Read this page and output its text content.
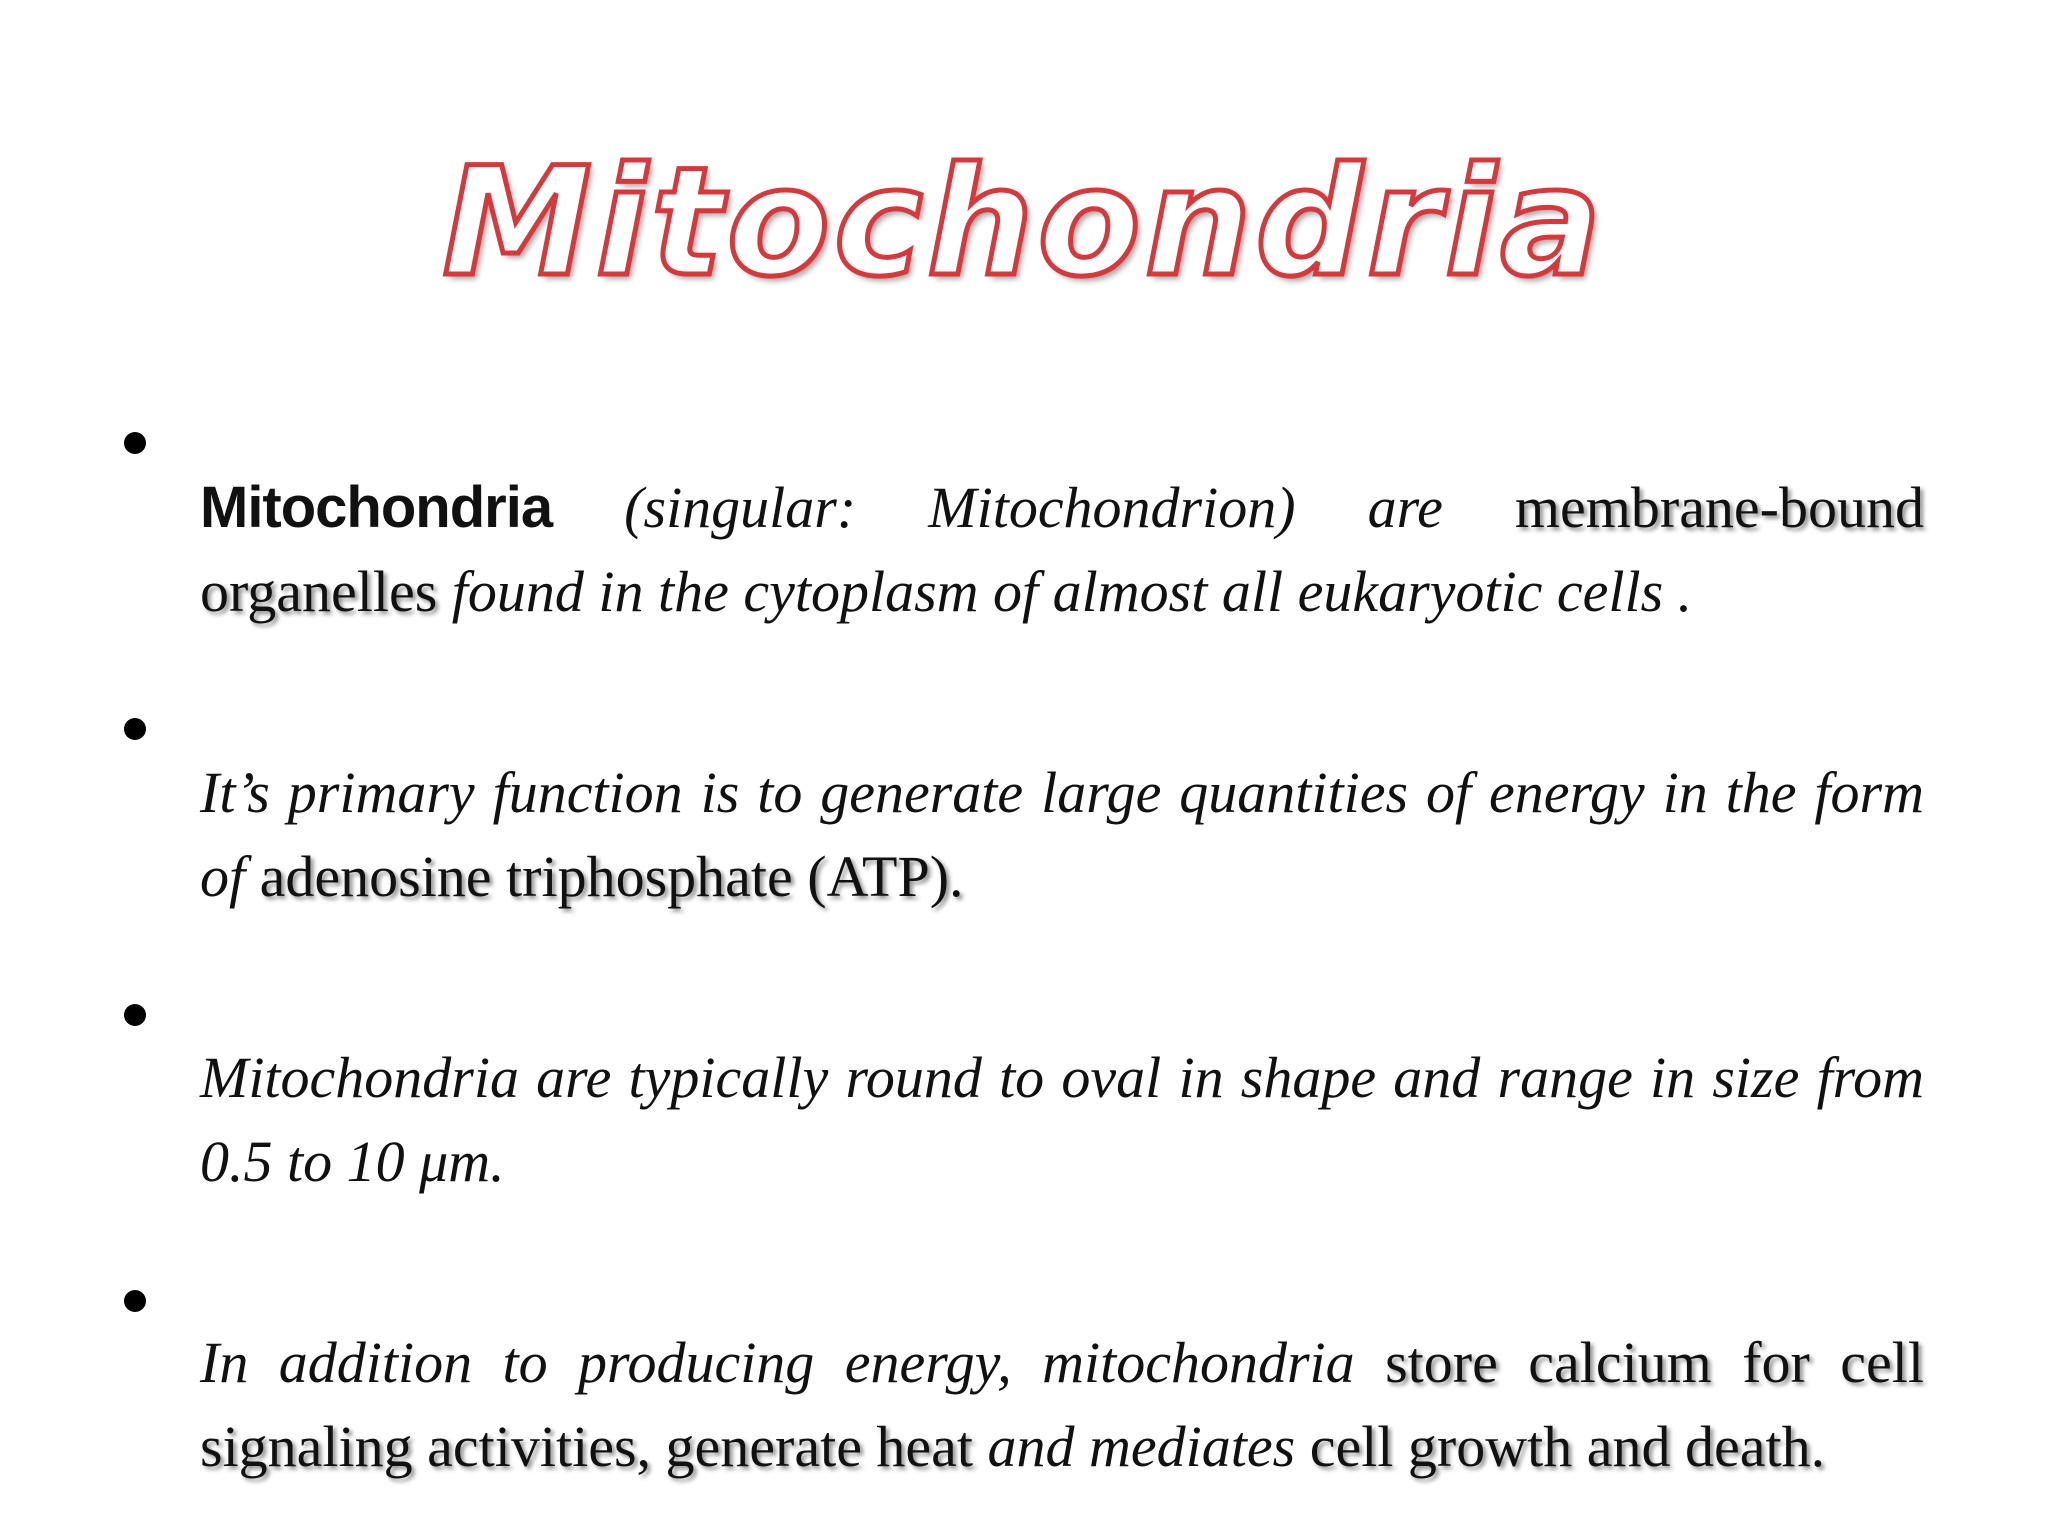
Mitochondria

Mitochondria (singular: Mitochondrion) are membrane-bound organelles found in the cytoplasm of almost all eukaryotic cells .

It’s primary function is to generate large quantities of energy in the form of adenosine triphosphate (ATP).

Mitochondria are typically round to oval in shape and range in size from 0.5 to 10 μm.

In addition to producing energy, mitochondria store calcium for cell signaling activities, generate heat and mediates cell growth and death.
